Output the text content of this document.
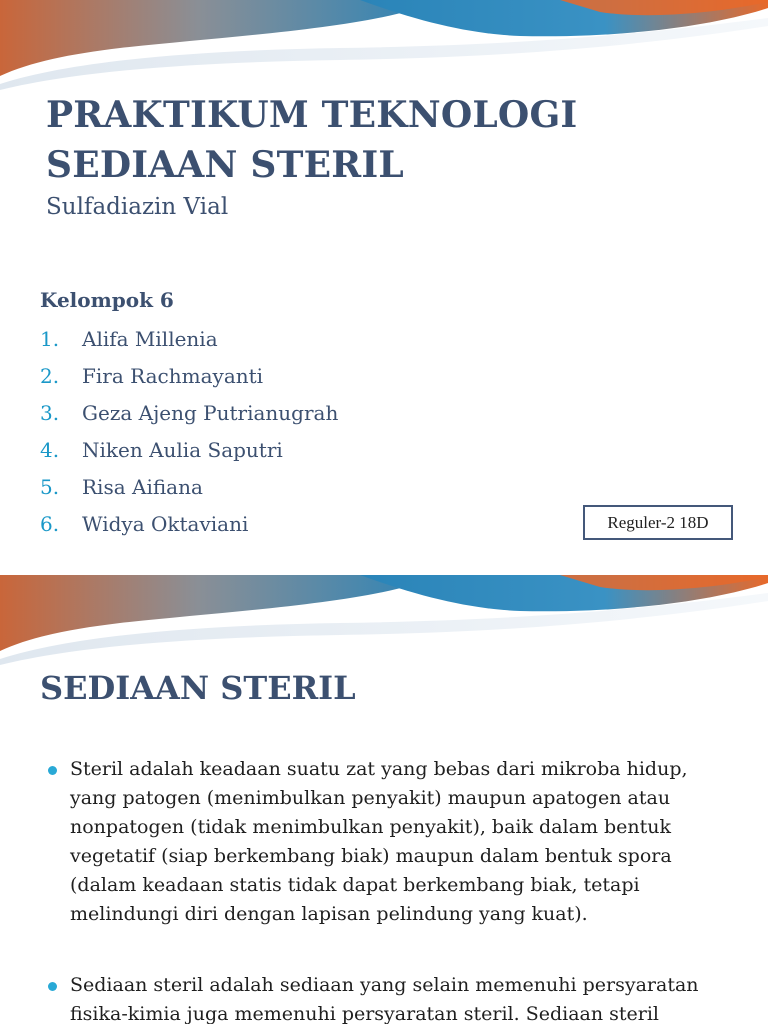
PRAKTIKUM TEKNOLOGI SEDIAAN STERIL
Sulfadiazin Vial
Kelompok 6
1.	Alifa Millenia
2.	Fira Rachmayanti
3.	Geza Ajeng Putrianugrah
4.	Niken Aulia Saputri
5.	Risa Aifiana
6.	Widya Oktaviani	Reguler-2 18D
SEDIAAN STERIL
Steril adalah keadaan suatu zat yang bebas dari mikroba hidup, yang patogen (menimbulkan penyakit) maupun apatogen atau nonpatogen (tidak menimbulkan penyakit), baik dalam bentuk vegetatif (siap berkembang biak) maupun dalam bentuk spora (dalam keadaan statis tidak dapat berkembang biak, tetapi melindungi diri dengan lapisan pelindung yang kuat).
Sediaan steril adalah sediaan yang selain memenuhi persyaratan fisika-kimia juga memenuhi persyaratan steril. Sediaan steril
